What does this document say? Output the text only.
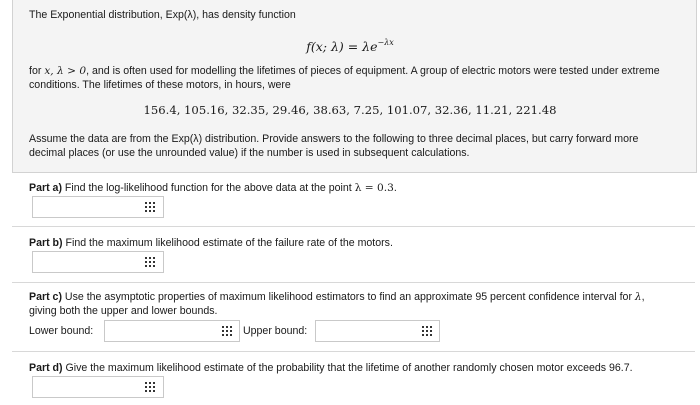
The Exponential distribution, Exp(λ), has density function
f(x; $\lambda) = \lambda e^{-\lambda x}$
for x, λ > 0, and is often used for modelling the lifetimes of pieces of equipment. A group of electric motors were tested under extreme
conditions. The lifetimes of these motors, in hours, were
156.4, 105.16, 32.35, 29.46, 38.63, 7.25, 101.07, 32.36, 11.21, 221.48
Assume the data are from the Exp(λ) distribution. Provide answers to the following to three decimal places, but carry forward more
decimal places (or use the unrounded value) if the number is used in subsequent calculations.
Part a) Find the log-likelihood function for the above data at the point λ = 0.3.
Part b) Find the maximum likelihood estimate of the failure rate of the motors.
Part c) Use the asymptotic properties of maximum likelihood estimators to find an approximate 95 percent confidence interval for λ,
giving both the upper and lower bounds.
Lower bound:	Upper bound:
Part d) Give the maximum likelihood estimate of the probability that the lifetime of another randomly chosen motor exceeds 96.7.
